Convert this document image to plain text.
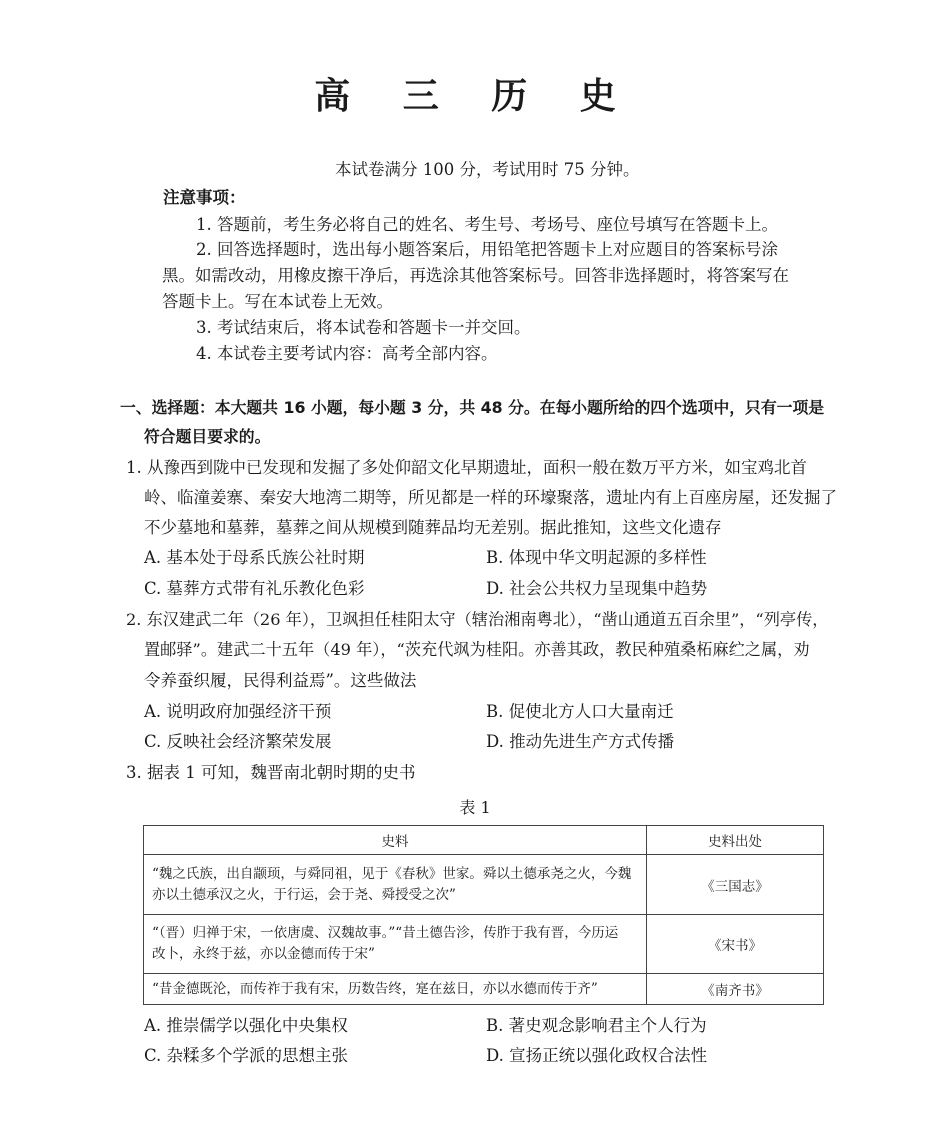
高 三 历 史
本试卷满分 100 分，考试用时 75 分钟。
注意事项：
1. 答题前，考生务必将自己的姓名、考生号、考场号、座位号填写在答题卡上。
2. 回答选择题时，选出每小题答案后，用铅笔把答题卡上对应题目的答案标号涂
黑。如需改动，用橡皮擦干净后，再选涂其他答案标号。回答非选择题时，将答案写在
答题卡上。写在本试卷上无效。
3. 考试结束后，将本试卷和答题卡一并交回。
4. 本试卷主要考试内容：高考全部内容。
一、选择题：本大题共 16 小题，每小题 3 分，共 48 分。在每小题所给的四个选项中，只有一项是
符合题目要求的。
1. 从豫西到陇中已发现和发掘了多处仰韶文化早期遗址，面积一般在数万平方米，如宝鸡北首
岭、临潼姜寨、秦安大地湾二期等，所见都是一样的环壕聚落，遗址内有上百座房屋，还发掘了
不少墓地和墓葬，墓葬之间从规模到随葬品均无差别。据此推知，这些文化遗存
A. 基本处于母系氏族公社时期	B. 体现中华文明起源的多样性
C. 墓葬方式带有礼乐教化色彩	D. 社会公共权力呈现集中趋势
2. 东汉建武二年（26 年），卫飒担任桂阳太守（辖治湘南粤北），“凿山通道五百余里”，“列亭传，
置邮驿”。建武二十五年（49 年），“茨充代飒为桂阳。亦善其政，教民种殖桑柘麻纻之属，劝
令养蚕织履，民得利益焉”。这些做法
A. 说明政府加强经济干预	B. 促使北方人口大量南迁
C. 反映社会经济繁荣发展	D. 推动先进生产方式传播
3. 据表 1 可知，魏晋南北朝时期的史书
表 1
史料	史料出处

“魏之氏族，出自颛顼，与舜同祖，见于《春秋》世家。舜以土德承尧之火，今魏
亦以土德承汉之火，于行运，会于尧、舜授受之次”	《三国志》

“（晋）归禅于宋，一依唐虞、汉魏故事。”“昔土德告沴，传胙于我有晋，今历运
改卜，永终于兹，亦以金德而传于宋”	《宋书》

“昔金德既沦，而传祚于我有宋，历数告终，寔在兹日，亦以水德而传于齐”	《南齐书》
A. 推崇儒学以强化中央集权	B. 著史观念影响君主个人行为
C. 杂糅多个学派的思想主张	D. 宣扬正统以强化政权合法性
